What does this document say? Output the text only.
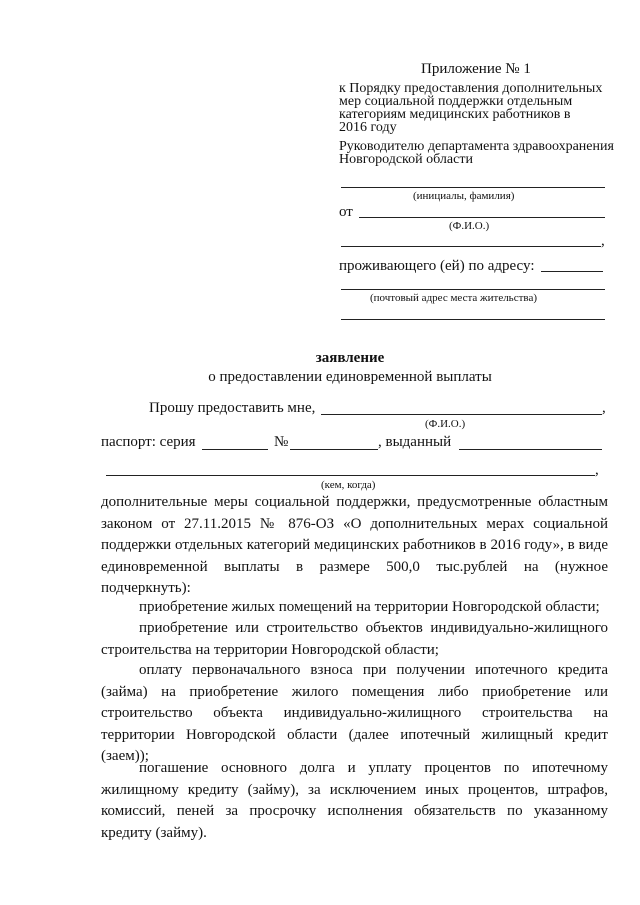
Приложение № 1
к Порядку предоставления дополнительных
мер социальной поддержки отдельным
категориям медицинских работников в
2016 году
Руководителю департамента здравоохранения
Новгородской области
(инициалы, фамилия)
от
(Ф.И.О.)
,
проживающего (ей) по адресу:
(почтовый адрес места жительства)
заявление
о предоставлении единовременной выплаты
Прошу предоставить мне,	,
(Ф.И.О.)
паспорт: серия	№	, выданный
,
(кем, когда)
дополнительные меры социальной поддержки, предусмотренные областным законом от 27.11.2015 № 876-ОЗ «О дополнительных мерах социальной поддержки отдельных категорий медицинских работников в 2016 году», в виде единовременной выплаты в размере 500,0 тыс.рублей на (нужное подчеркнуть):
приобретение жилых помещений на территории Новгородской области;
приобретение или строительство объектов индивидуально-жилищного строительства на территории Новгородской области;
оплату первоначального взноса при получении ипотечного кредита (займа) на приобретение жилого помещения либо приобретение или строительство объекта индивидуально-жилищного строительства на территории Новгородской области (далее ипотечный жилищный кредит (заем));
погашение основного долга и уплату процентов по ипотечному жилищному кредиту (займу), за исключением иных процентов, штрафов, комиссий, пеней за просрочку исполнения обязательств по указанному кредиту (займу).
